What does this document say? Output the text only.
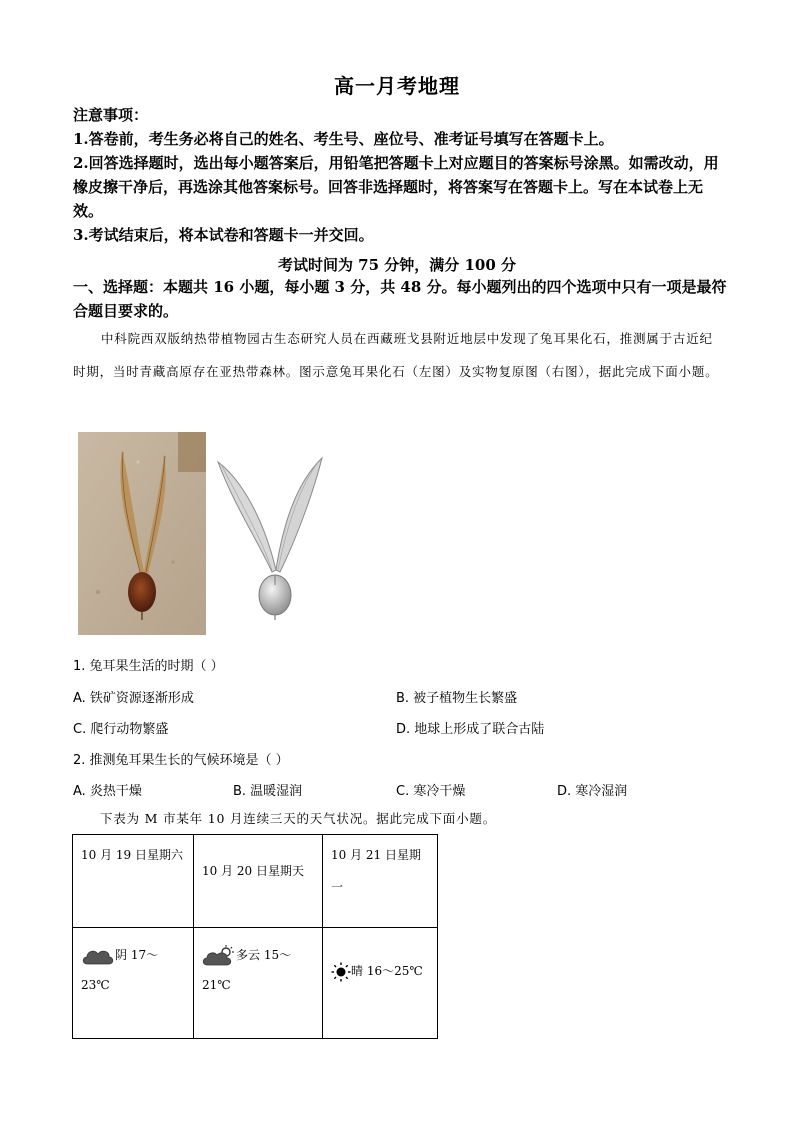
高一月考地理

注意事项：

1.答卷前，考生务必将自己的姓名、考生号、座位号、准考证号填写在答题卡上。

2.回答选择题时，选出每小题答案后，用铅笔把答题卡上对应题目的答案标号涂黑。如需改动，用橡皮擦干净后，再选涂其他答案标号。回答非选择题时，将答案写在答题卡上。写在本试卷上无效。

3.考试结束后，将本试卷和答题卡一并交回。

考试时间为 75 分钟，满分 100 分
一、选择题：本题共 16 小题，每小题 3 分，共 48 分。每小题列出的四个选项中只有一项是最符合题目要求的。

中科院西双版纳热带植物园古生态研究人员在西藏班戈县附近地层中发现了兔耳果化石，推测属于古近纪时期，当时青藏高原存在亚热带森林。图示意兔耳果化石（左图）及实物复原图（右图），据此完成下面小题。

1. 兔耳果生活的时期（ ）
A. 铁矿资源逐渐形成	B. 被子植物生长繁盛
C. 爬行动物繁盛	D. 地球上形成了联合古陆
2. 推测兔耳果生长的气候环境是（ ）
A. 炎热干燥	B. 温暖湿润	C. 寒冷干燥	D. 寒冷湿润
下表为 M 市某年 10 月连续三天的天气状况。据此完成下面小题。
10 月 19 日星期六	10 月 20 日星期天	10 月 21 日星期一
阴 17～23℃	多云 15～21℃	晴 16～25℃
